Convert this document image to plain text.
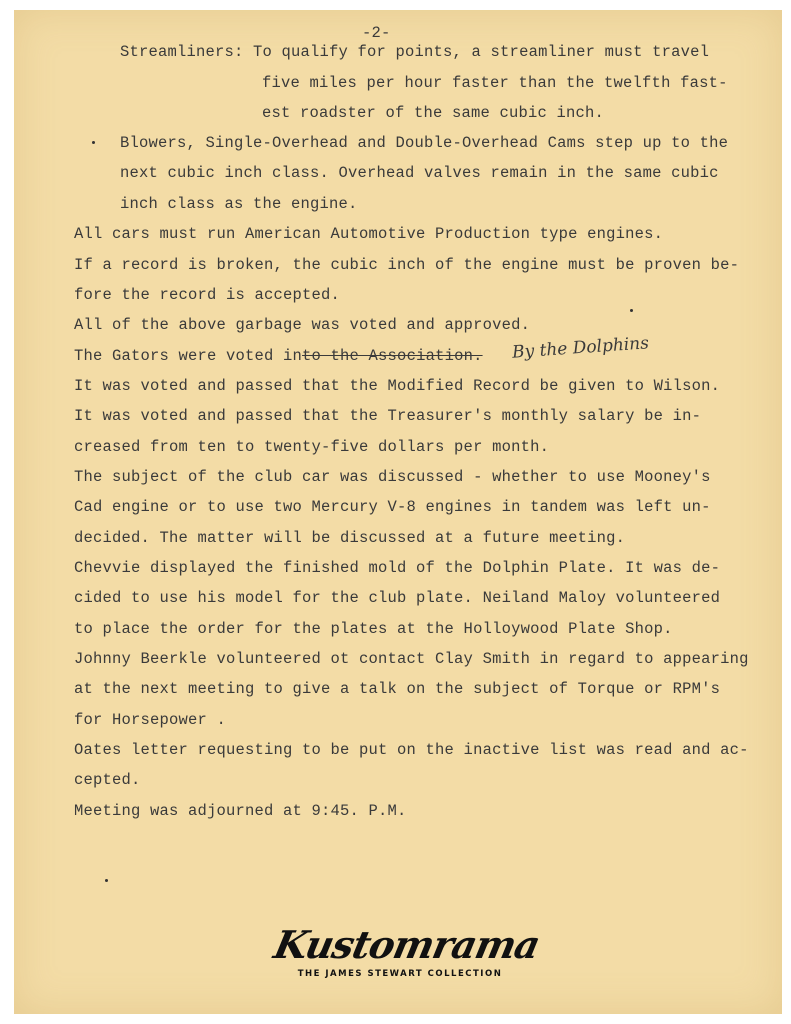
-2-
Streamliners: To qualify for points, a streamliner must travel
five miles per hour faster than the twelfth fast-
est roadster of the same cubic inch.
Blowers, Single-Overhead and Double-Overhead Cams step up to the
next cubic inch class. Overhead valves remain in the same cubic
inch class as the engine.
All cars must run American Automotive Production type engines.
If a record is broken, the cubic inch of the engine must be proven be-
fore the record is accepted.
All of the above garbage was voted and approved.
The Gators were voted into the Association. By the Dolphins
It was voted and passed that the Modified Record be given to Wilson.
It was voted and passed that the Treasurer's monthly salary be in-
creased from ten to twenty-five dollars per month.
The subject of the club car was discussed - whether to use Mooney's
Cad engine or to use two Mercury V-8 engines in tandem was left un-
decided. The matter will be discussed at a future meeting.
Chevvie displayed the finished mold of the Dolphin Plate. It was de-
cided to use his model for the club plate. Neiland Maloy volunteered
to place the order for the plates at the Holloywood Plate Shop.
Johnny Beerkle volunteered ot contact Clay Smith in regard to appearing
at the next meeting to give a talk on the subject of Torque or RPM's
for Horsepower .
Oates letter requesting to be put on the inactive list was read and ac-
cepted.
Meeting was adjourned at 9:45. P.M.
Kustomrama
THE JAMES STEWART COLLECTION
